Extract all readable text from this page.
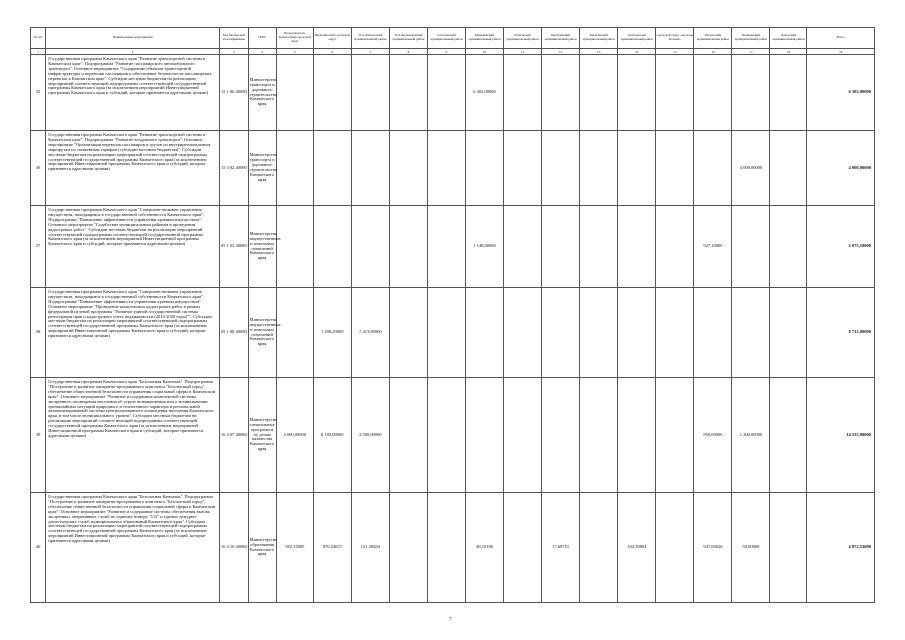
№ п/п	Наименование мероприятия	Код бюджетной классификации	ГРБС	Петропавловск-Камчатский городской округ	Вилючинский городской округ	Усть-Камчатский муниципальный район	Усть-Большерецкий муниципальный район	Соболевский муниципальный район	Мильковский муниципальный район	Елизовский муниципальный район	Быстринский муниципальный район	Карагинский муниципальный район	Олюторский муниципальный район	городской округ «поселок Палана»	Тигильский муниципальный район	Пенжинский муниципальный район	Алеутский муниципальный район	Всего
1	2	3	4	5	6	7	8	9	10	11	12	13	14	15	16	17	18	19
35	Государственная программа Камчатского края "Развитие транспортной системы в Камчатском крае". Подпрограмма "Развитие пассажирского автомобильного транспорта". Основное мероприятие "Содержание объектов транспортной инфраструктуры и перевозки пассажиров и обеспечение безопасности пассажирских перевозок в Камчатском крае". Субсидии местным бюджетам на реализацию мероприятий соответствующей подпрограммы соответствующей государственной программы Камчатского края (за исключением мероприятий Инвестиционной программы Камчатского края и субсидий, которые признаются адресными целями)	15 1 06 40080	Министерство транспорта и дорожного строительства Камчатского края						6 302,00000									6 302,00000
36	Государственная программа Камчатского края "Развитие транспортной системы в Камчатском крае". Подпрограмма "Развитие воздушного транспорта". Основное мероприятие "Организация перевозок пассажиров и грузов по внутрирегиональным маршрутам по сниженным тарифам (субсидии местным бюджетам)". Субсидии местным бюджетам на реализацию мероприятий соответствующей подпрограммы соответствующей государственной программы Камчатского края (за исключением мероприятий Инвестиционной программы Камчатского края и субсидий, которые признаются адресными целями)	15 3 02 40080	Министерство транспорта и дорожного строительства Камчатского края													4 000,00000		4 000,00000
37	Государственная программа Камчатского края "Совершенствование управления имуществом, находящимся в государственной собственности Камчатского края". Подпрограмма "Повышение эффективности управления краевым имуществом". Основное мероприятие "Содействие муниципальным районам в проведении кадастровых работ". Субсидии местным бюджетам на реализацию мероприятий соответствующей подпрограммы соответствующей государственной программы Камчатского края (за исключением мероприятий Инвестиционной программы Камчатского края и субсидий, которые признаются адресными целями)	05 1 02 40080	Министерство имущественных и земельных отношений Камчатского края						1 148,00000						927,10000			2 075,10000
38	Государственная программа Камчатского края "Совершенствование управления имуществом, находящимся в государственной собственности Камчатского края". Подпрограмма "Повышение эффективности управления краевым имуществом". Основное мероприятие "Проведение комплексных кадастровых работ в рамках федеральной целевой программы "Развитие единой государственной системы регистрации прав и кадастрового учета недвижимости (2014-2020 годы)"". Субсидии местным бюджетам на реализацию мероприятий соответствующей подпрограммы соответствующей государственной программы Камчатского края (за исключением мероприятий Инвестиционной программы Камчатского края и субсидий, которые признаются адресными целями)	05 1 08 40080	Министерство имущественных и земельных отношений Камчатского края		1 298,20000	7 413,80000												8 712,00000
39	Государственная программа Камчатского края "Безопасная Камчатка". Подпрограмма "Построение и развитие аппаратно-программного комплекса "Безопасный город", обеспечение общественной безопасности управления социальной сферы в Камчатском крае". Основное мероприятие "Развитие и содержание комплексной системы экстренного оповещения населения об угрозе возникновения или о возникновении чрезвычайных ситуаций природного и техногенного характера и региональной автоматизированной системы централизованного оповещения населения Камчатского края, в том числе муниципального уровня". Субсидии местным бюджетам на реализацию мероприятий соответствующей подпрограммы соответствующей государственной программы Камчатского края (за исключением мероприятий Инвестиционной программы Камчатского края и субсидий, которые признаются адресными целями)	16 4 07 40080	Министерство специальных программ и по делам казачества Камчатского края	4 000,00000	6 185,00000	2 500,00000									850,00000	1 200,00000		14 535,00000
40	Государственная программа Камчатского края "Безопасная Камчатка". Подпрограмма "Построение и развитие аппаратно-программного комплекса "Безопасный город", обеспечение общественной безопасности управления социальной сферы в Камчатском крае". Основное мероприятие "Развитие и содержание системы обеспечения вызова экстренных оперативных служб по единому номеру "112" и единых дежурно-диспетчерских служб муниципальных образований Камчатского края". Субсидии местным бюджетам на реализацию мероприятий соответствующей подпрограммы соответствующей государственной программы Камчатского края (за исключением мероприятий Инвестиционной программы Камчатского края и субсидий, которые признаются адресными целями)	16 4 10 40080	Министерство образования Камчатского края	582,33085	876,54657	151,38284			48,10186		17,68751		104,39804		947,09026	50,00000		4 872,53689
7
